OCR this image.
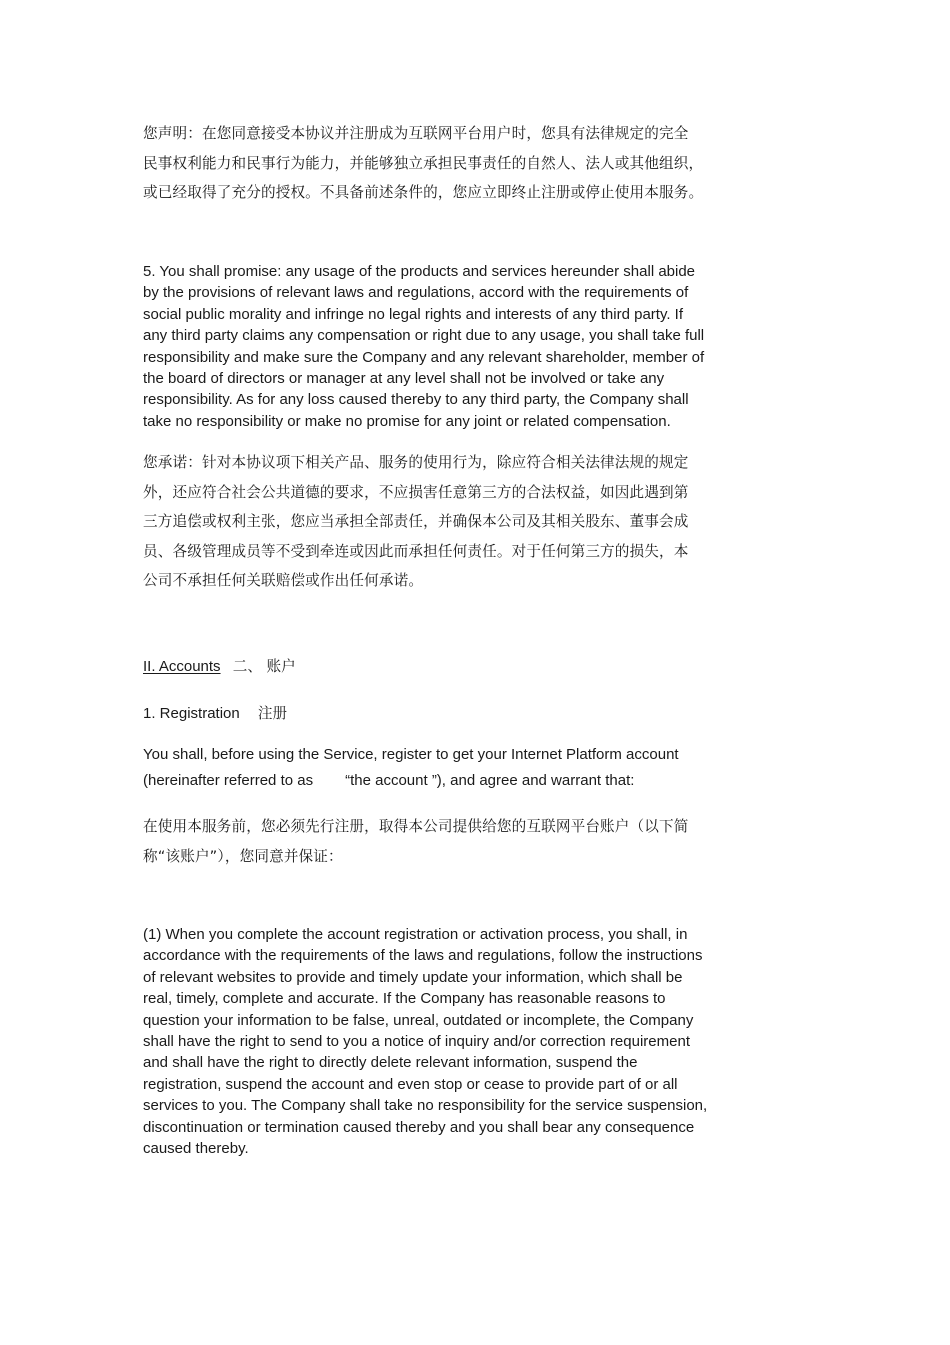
您声明：在您同意接受本协议并注册成为互联网平台用户时，您具有法律规定的完全
民事权利能力和民事行为能力，并能够独立承担民事责任的自然人、法人或其他组织，
或已经取得了充分的授权。不具备前述条件的，您应立即终止注册或停止使用本服务。
5. You shall promise: any usage of the products and services hereunder shall abide
by the provisions of relevant laws and regulations, accord with the requirements of
social public morality and infringe no legal rights and interests of any third party. If
any third party claims any compensation or right due to any usage, you shall take full
responsibility and make sure the Company and any relevant shareholder, member of
the board of directors or manager at any level shall not be involved or take any
responsibility. As for any loss caused thereby to any third party, the Company shall
take no responsibility or make no promise for any joint or related compensation.
您承诺：针对本协议项下相关产品、服务的使用行为，除应符合相关法律法规的规定
外，还应符合社会公共道德的要求，不应损害任意第三方的合法权益，如因此遇到第
三方追偿或权利主张，您应当承担全部责任，并确保本公司及其相关股东、董事会成
员、各级管理成员等不受到牵连或因此而承担任何责任。对于任何第三方的损失，本
公司不承担任何关联赔偿或作出任何承诺。
II. Accounts 二、 账户
1. Registration 注册
You shall, before using the Service, register to get your Internet Platform account
(hereinafter referred to as “the account ”), and agree and warrant that:
在使用本服务前，您必须先行注册，取得本公司提供给您的互联网平台账户（以下简
称“该账户”），您同意并保证：
(1) When you complete the account registration or activation process, you shall, in
accordance with the requirements of the laws and regulations, follow the instructions
of relevant websites to provide and timely update your information, which shall be
real, timely, complete and accurate. If the Company has reasonable reasons to
question your information to be false, unreal, outdated or incomplete, the Company
shall have the right to send to you a notice of inquiry and/or correction requirement
and shall have the right to directly delete relevant information, suspend the
registration, suspend the account and even stop or cease to provide part of or all
services to you. The Company shall take no responsibility for the service suspension,
discontinuation or termination caused thereby and you shall bear any consequence
caused thereby.
